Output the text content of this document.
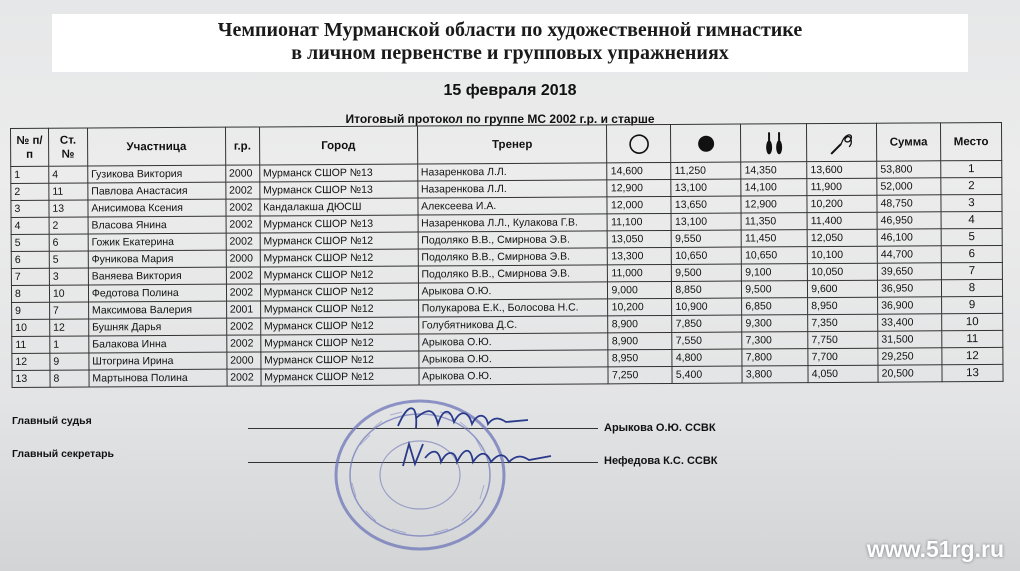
Чемпионат Мурманской области по художественной гимнастике
в личном первенстве и групповых упражнениях
15 февраля 2018
Итоговый протокол по группе МС 2002 г.р. и старше
№ п/п	Ст. №	Участница	г.р.	Город	Тренер					Сумма	Место
1	4	Гузикова Виктория	2000	Мурманск СШОР №13	Назаренкова Л.Л.	14,600	11,250	14,350	13,600	53,800	1
2	11	Павлова Анастасия	2002	Мурманск СШОР №13	Назаренкова Л.Л.	12,900	13,100	14,100	11,900	52,000	2
3	13	Анисимова Ксения	2002	Кандалакша ДЮСШ	Алексеева И.А.	12,000	13,650	12,900	10,200	48,750	3
4	2	Власова Янина	2002	Мурманск СШОР №13	Назаренкова Л.Л., Кулакова Г.В.	11,100	13,100	11,350	11,400	46,950	4
5	6	Гожик Екатерина	2002	Мурманск СШОР №12	Подоляко В.В., Смирнова Э.В.	13,050	9,550	11,450	12,050	46,100	5
6	5	Фуникова Мария	2000	Мурманск СШОР №12	Подоляко В.В., Смирнова Э.В.	13,300	10,650	10,650	10,100	44,700	6
7	3	Ваняева Виктория	2002	Мурманск СШОР №12	Подоляко В.В., Смирнова Э.В.	11,000	9,500	9,100	10,050	39,650	7
8	10	Федотова Полина	2002	Мурманск СШОР №12	Арыкова О.Ю.	9,000	8,850	9,500	9,600	36,950	8
9	7	Максимова Валерия	2001	Мурманск СШОР №12	Полукарова Е.К., Болосова Н.С.	10,200	10,900	6,850	8,950	36,900	9
10	12	Бушняк Дарья	2002	Мурманск СШОР №12	Голубятникова Д.С.	8,900	7,850	9,300	7,350	33,400	10
11	1	Балакова Инна	2002	Мурманск СШОР №12	Арыкова О.Ю.	8,900	7,550	7,300	7,750	31,500	11
12	9	Штогрина Ирина	2000	Мурманск СШОР №12	Арыкова О.Ю.	8,950	4,800	7,800	7,700	29,250	12
13	8	Мартынова Полина	2002	Мурманск СШОР №12	Арыкова О.Ю.	7,250	5,400	3,800	4,050	20,500	13
Главный судья
Арыкова О.Ю. ССВК
Главный секретарь
Нефедова К.С. ССВК
www.51rg.ru
